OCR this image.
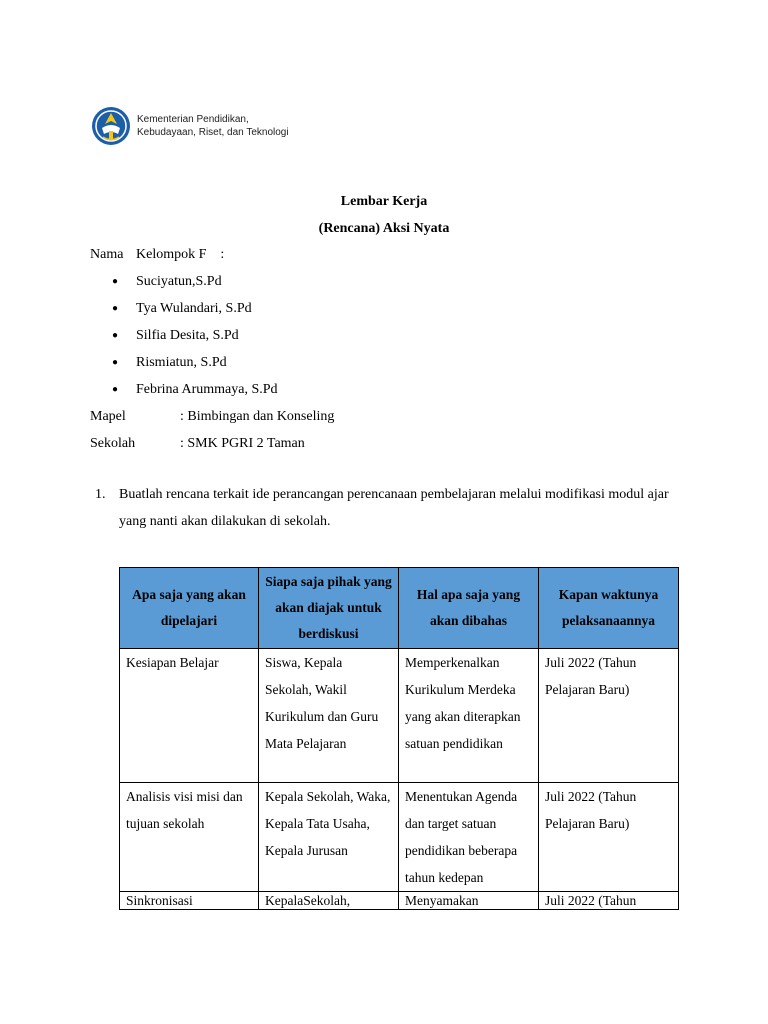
Kementerian Pendidikan,
Kebudayaan, Riset, dan Teknologi
Lembar Kerja
(Rencana) Aksi Nyata
Nama Kelompok F    :
● Suciyatun,S.Pd
● Tya Wulandari, S.Pd
● Silfia Desita, S.Pd
● Rismiatun, S.Pd
● Febrina Arummaya, S.Pd
Mapel	: Bimbingan dan Konseling
Sekolah	: SMK PGRI 2 Taman
1. Buatlah rencana terkait ide perancangan perencanaan pembelajaran melalui modifikasi modul ajar yang nanti akan dilakukan di sekolah.
Apa saja yang akan dipelajari	Siapa saja pihak yang akan diajak untuk berdiskusi	Hal apa saja yang akan dibahas	Kapan waktunya pelaksanaannya
Kesiapan Belajar	Siswa, Kepala Sekolah, Wakil Kurikulum dan Guru Mata Pelajaran	Memperkenalkan Kurikulum Merdeka yang akan diterapkan satuan pendidikan	Juli 2022 (Tahun Pelajaran Baru)
Analisis visi misi dan tujuan sekolah	Kepala Sekolah, Waka, Kepala Tata Usaha, Kepala Jurusan	Menentukan Agenda dan target satuan pendidikan beberapa tahun kedepan	Juli 2022 (Tahun Pelajaran Baru)
Sinkronisasi	KepalaSekolah,	Menyamakan	Juli 2022 (Tahun
